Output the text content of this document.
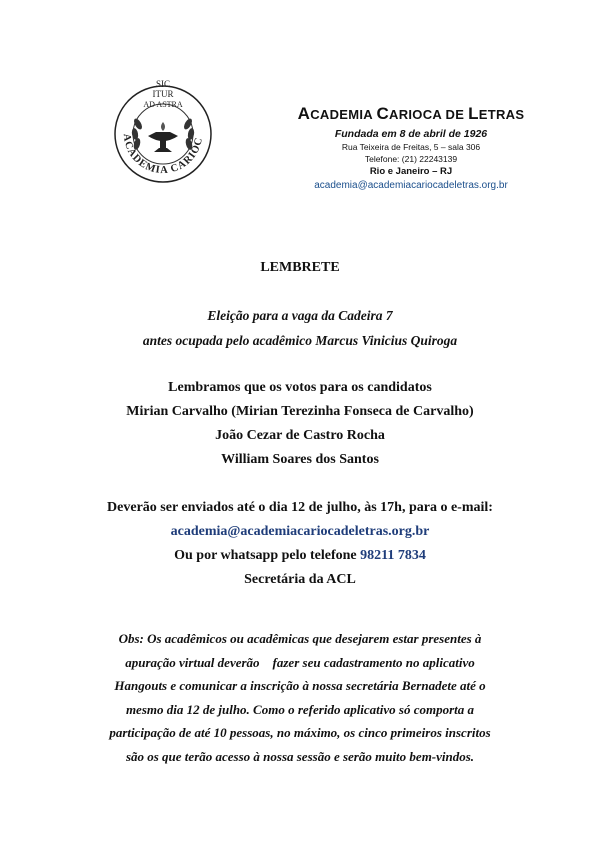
SIC
ITUR
AD ASTRA
ACADEMIA CARIOC
ACADEMIA CARIOCA DE LETRAS
Fundada em 8 de abril de 1926
Rua Teixeira de Freitas, 5 – sala 306
Telefone: (21) 22243139
Rio e Janeiro – RJ
academia@academiacariocadeletras.org.br
LEMBRETE
Eleição para a vaga da Cadeira 7
antes ocupada pelo acadêmico Marcus Vinicius Quiroga
Lembramos que os votos para os candidatos
Mirian Carvalho (Mirian Terezinha Fonseca de Carvalho)
João Cezar de Castro Rocha
William Soares dos Santos
Deverão ser enviados até o dia 12 de julho, às 17h, para o e-mail:
academia@academiacariocadeletras.org.br
Ou por whatsapp pelo telefone 98211 7834
Secretária da ACL
Obs: Os acadêmicos ou acadêmicas que desejarem estar presentes à
apuração virtual deverão    fazer seu cadastramento no aplicativo
Hangouts e comunicar a inscrição à nossa secretária Bernadete até o
mesmo dia 12 de julho. Como o referido aplicativo só comporta a
participação de até 10 pessoas, no máximo, os cinco primeiros inscritos
são os que terão acesso à nossa sessão e serão muito bem-vindos.
